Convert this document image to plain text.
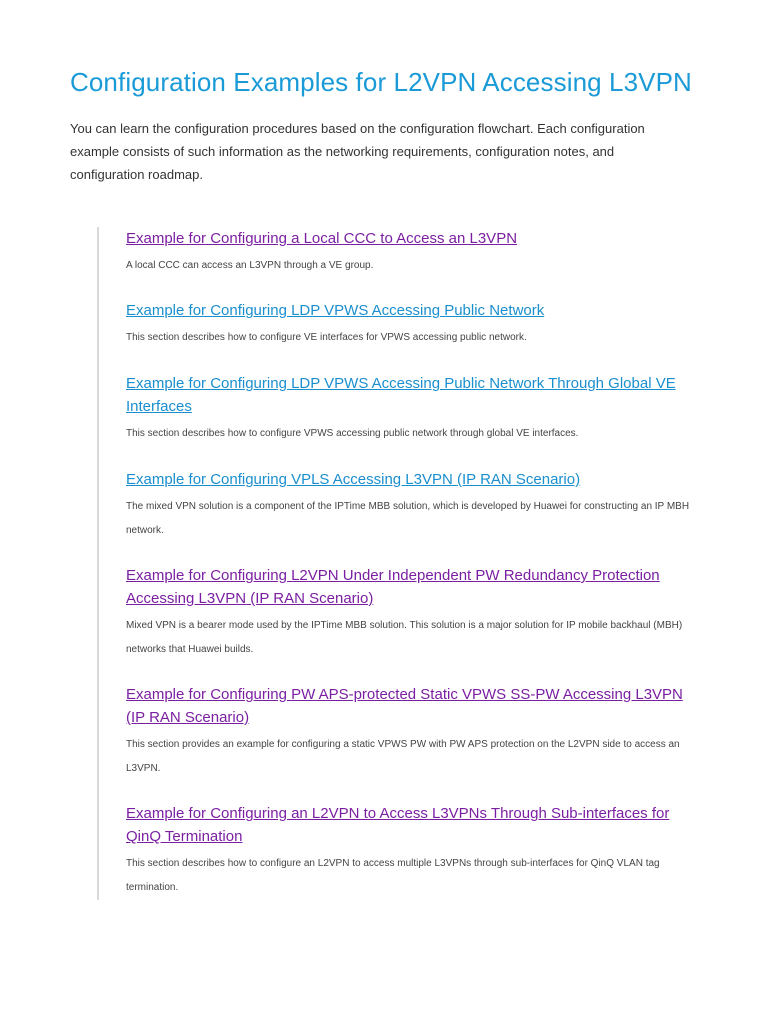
Configuration Examples for L2VPN Accessing L3VPN

You can learn the configuration procedures based on the configuration flowchart. Each configuration example consists of such information as the networking requirements, configuration notes, and configuration roadmap.

Example for Configuring a Local CCC to Access an L3VPN

A local CCC can access an L3VPN through a VE group.

Example for Configuring LDP VPWS Accessing Public Network

This section describes how to configure VE interfaces for VPWS accessing public network.

Example for Configuring LDP VPWS Accessing Public Network Through Global VE Interfaces

This section describes how to configure VPWS accessing public network through global VE interfaces.

Example for Configuring VPLS Accessing L3VPN (IP RAN Scenario)

The mixed VPN solution is a component of the IPTime MBB solution, which is developed by Huawei for constructing an IP MBH network.

Example for Configuring L2VPN Under Independent PW Redundancy Protection Accessing L3VPN (IP RAN Scenario)

Mixed VPN is a bearer mode used by the IPTime MBB solution. This solution is a major solution for IP mobile backhaul (MBH) networks that Huawei builds.

Example for Configuring PW APS-protected Static VPWS SS-PW Accessing L3VPN (IP RAN Scenario)

This section provides an example for configuring a static VPWS PW with PW APS protection on the L2VPN side to access an L3VPN.

Example for Configuring an L2VPN to Access L3VPNs Through Sub-interfaces for QinQ Termination

This section describes how to configure an L2VPN to access multiple L3VPNs through sub-interfaces for QinQ VLAN tag termination.
